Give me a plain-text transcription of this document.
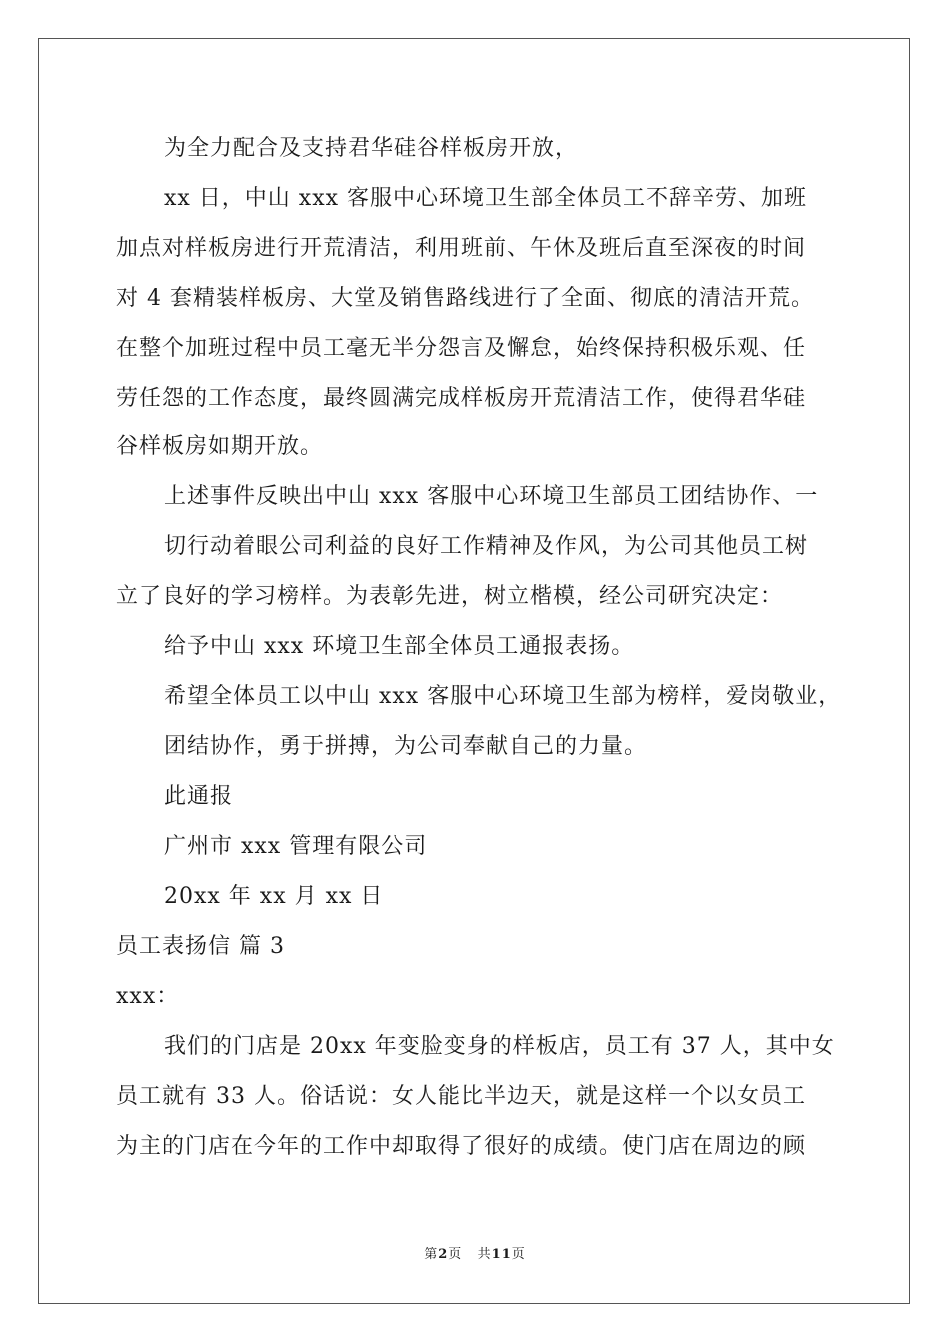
为全力配合及支持君华硅谷样板房开放，
xx 日，中山 xxx 客服中心环境卫生部全体员工不辞辛劳、加班
加点对样板房进行开荒清洁，利用班前、午休及班后直至深夜的时间
对 4 套精装样板房、大堂及销售路线进行了全面、彻底的清洁开荒。
在整个加班过程中员工毫无半分怨言及懈怠，始终保持积极乐观、任
劳任怨的工作态度，最终圆满完成样板房开荒清洁工作，使得君华硅
谷样板房如期开放。
上述事件反映出中山 xxx 客服中心环境卫生部员工团结协作、一
切行动着眼公司利益的良好工作精神及作风，为公司其他员工树
立了良好的学习榜样。为表彰先进，树立楷模，经公司研究决定：
给予中山 xxx 环境卫生部全体员工通报表扬。
希望全体员工以中山 xxx 客服中心环境卫生部为榜样，爱岗敬业，
团结协作，勇于拼搏，为公司奉献自己的力量。
此通报
广州市 xxx 管理有限公司
20xx 年 xx 月 xx 日
员工表扬信 篇 3
xxx：
我们的门店是 20xx 年变脸变身的样板店，员工有 37 人，其中女
员工就有 33 人。俗话说：女人能比半边天，就是这样一个以女员工
为主的门店在今年的工作中却取得了很好的成绩。使门店在周边的顾
第2页   共11页
